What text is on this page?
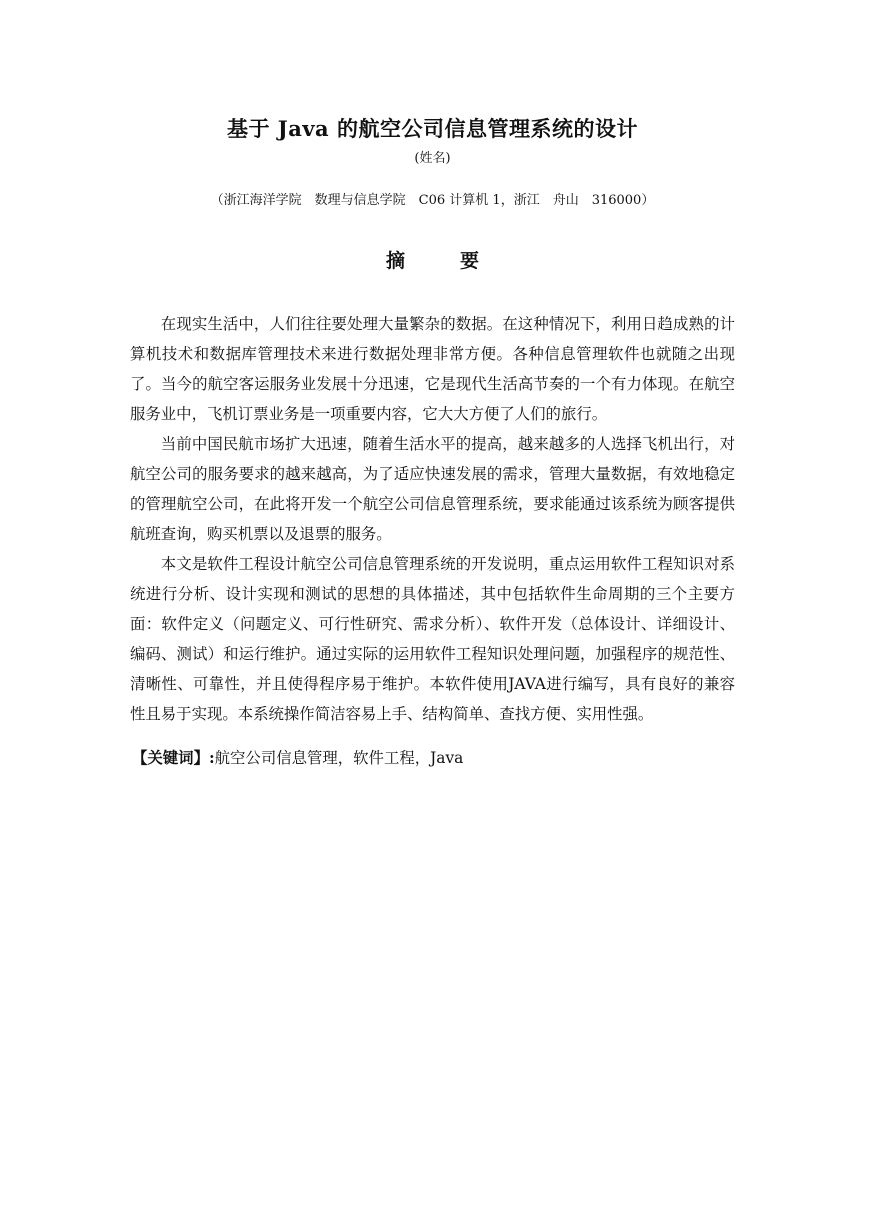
基于 Java 的航空公司信息管理系统的设计
(姓名)
（浙江海洋学院　数理与信息学院　C06 计算机 1，浙江　舟山　316000）
摘　要

在现实生活中，人们往往要处理大量繁杂的数据。在这种情况下，利用日趋成熟的计算机技术和数据库管理技术来进行数据处理非常方便。各种信息管理软件也就随之出现了。当今的航空客运服务业发展十分迅速，它是现代生活高节奏的一个有力体现。在航空服务业中，飞机订票业务是一项重要内容，它大大方便了人们的旅行。

当前中国民航市场扩大迅速，随着生活水平的提高，越来越多的人选择飞机出行，对航空公司的服务要求的越来越高，为了适应快速发展的需求，管理大量数据，有效地稳定的管理航空公司，在此将开发一个航空公司信息管理系统，要求能通过该系统为顾客提供航班查询，购买机票以及退票的服务。

本文是软件工程设计航空公司信息管理系统的开发说明，重点运用软件工程知识对系统进行分析、设计实现和测试的思想的具体描述，其中包括软件生命周期的三个主要方面：软件定义（问题定义、可行性研究、需求分析）、软件开发（总体设计、详细设计、编码、测试）和运行维护。通过实际的运用软件工程知识处理问题，加强程序的规范性、清晰性、可靠性，并且使得程序易于维护。本软件使用JAVA进行编写，具有良好的兼容性且易于实现。本系统操作简洁容易上手、结构简单、查找方便、实用性强。

【关键词】:航空公司信息管理，软件工程，Java
